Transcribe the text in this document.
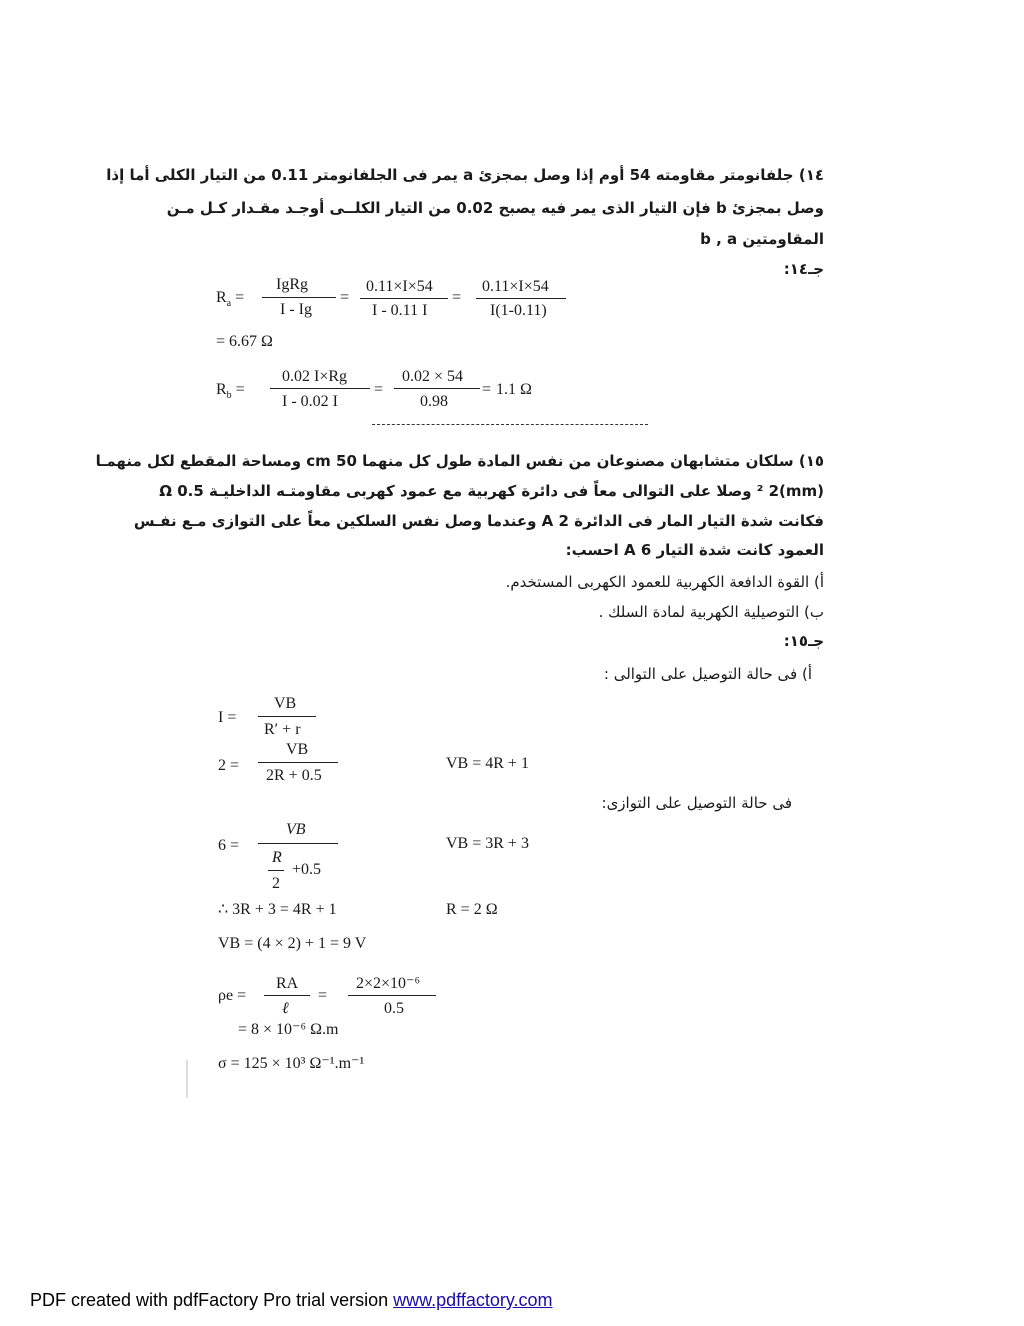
١٤) جلفانومتر مقاومته 54 أوم إذا وصل بمجزئ a يمر فى الجلفانومتر 0.11 من التيار الكلى أما إذا
وصل بمجزئ b فإن التيار الذى يمر فيه يصبح 0.02 من التيار الكلــى أوجـد مقـدار كـل مـن
المقاومتين b , a
جـ١٤:
$R_a$ =
IgRg
I - Ig
=
0.11×I×54
I - 0.11 I
=
0.11×I×54
I(1-0.11)
= 6.67 Ω
$R_b$ =
0.02 I×Rg
I - 0.02 I
=
0.02 × 54
0.98
= 1.1 Ω
١٥) سلكان متشابهان مصنوعان من نفس المادة طول كل منهما 50 cm ومساحة المقطع لكل منهمـا
(mm)² 2 وصلا على التوالى معاً فى دائرة كهربية مع عمود كهربى مقاومتـه الداخليـة 0.5 Ω
فكانت شدة التيار المار فى الدائرة A 2 وعندما وصل نفس السلكين معاً على التوازى مـع نفـس
العمود كانت شدة التيار 6 A احسب:
أ) القوة الدافعة الكهربية للعمود الكهربى المستخدم.
ب) التوصيلية الكهربية لمادة السلك .
جـ١٥:
أ) فى حالة التوصيل على التوالى :
I =
VB
R′ + r
2 =
VB
2R + 0.5
VB = 4R + 1
فى حالة التوصيل على التوازى:
6 =
VB
R
2
+0.5
VB = 3R + 3
∴ 3R + 3 = 4R + 1	R = 2 Ω
VB = (4 × 2) + 1 = 9 V
ρe =
RA
ℓ
=
2×2×10⁻⁶
0.5
= 8 × 10⁻⁶ Ω.m
σ = 125 × 10³ Ω⁻¹.m⁻¹
PDF created with pdfFactory Pro trial version www.pdffactory.com
